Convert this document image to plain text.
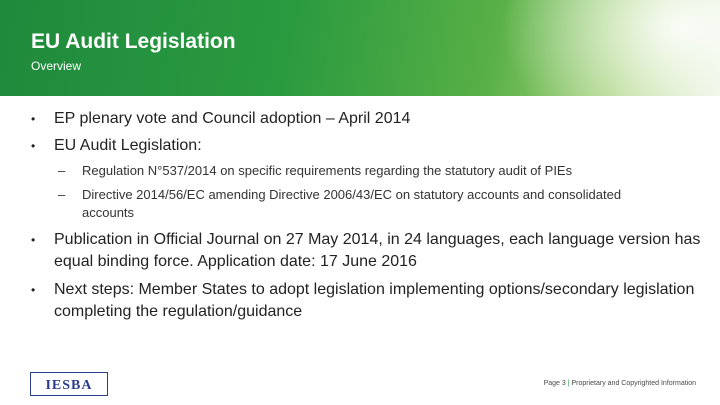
EU Audit Legislation
Overview
• EP plenary vote and Council adoption – April 2014
• EU Audit Legislation:
– Regulation N°537/2014 on specific requirements regarding the statutory audit of PIEs
– Directive 2014/56/EC amending Directive 2006/43/EC on statutory accounts and consolidated accounts
• Publication in Official Journal on 27 May 2014, in 24 languages, each language version has equal binding force. Application date: 17 June 2016
• Next steps: Member States to adopt legislation implementing options/secondary legislation completing the regulation/guidance
IESBA	Page 3 | Proprietary and Copyrighted Information
